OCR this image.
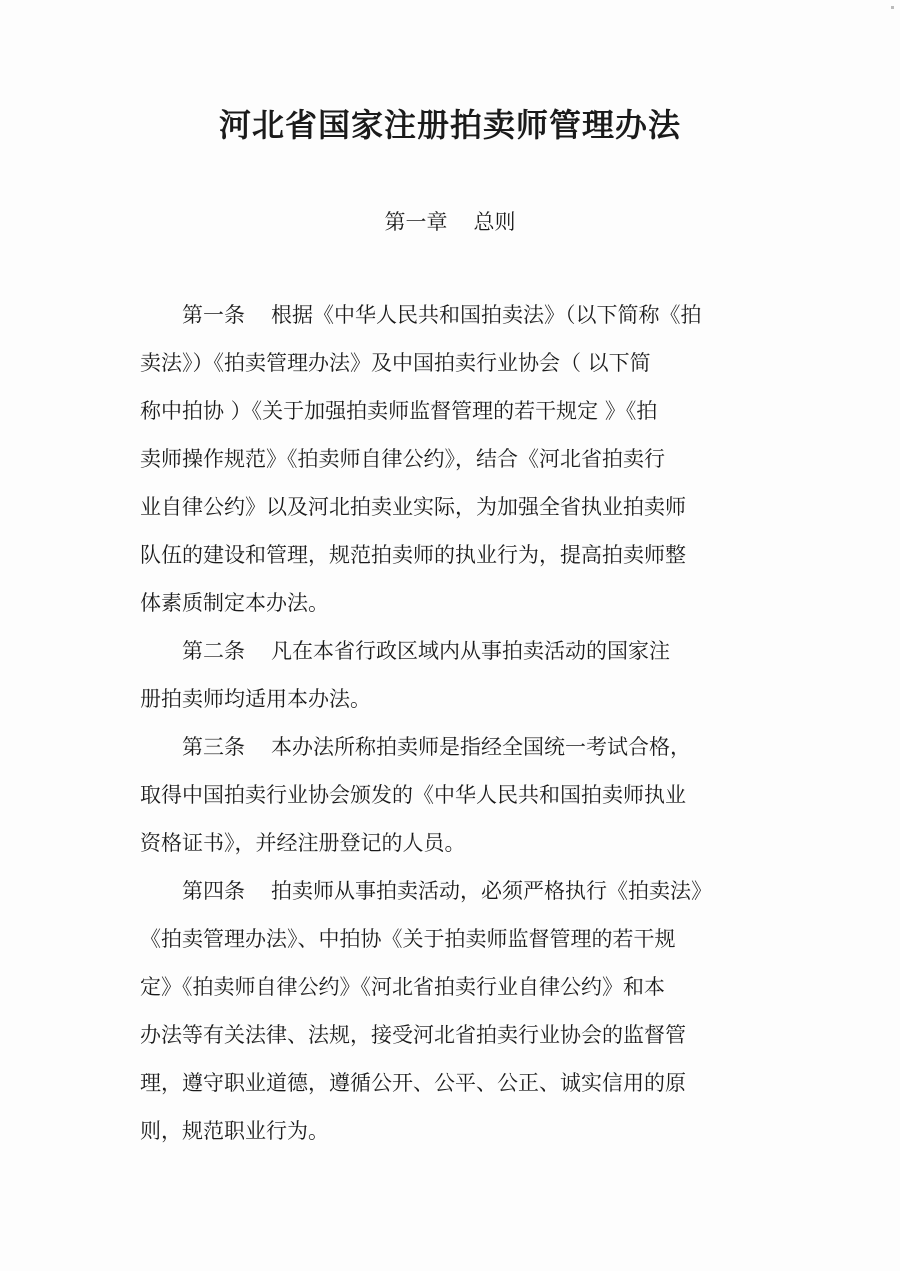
河北省国家注册拍卖师管理办法

第一章 总则

第一条 根据《中华人民共和国拍卖法》（以下简称《拍
卖法》）《拍卖管理办法》及中国拍卖行业协会（ 以下简
称中拍协 ）《关于加强拍卖师监督管理的若干规定 》《拍
卖师操作规范》《拍卖师自律公约》，结合《河北省拍卖行
业自律公约》以及河北拍卖业实际，为加强全省执业拍卖师
队伍的建设和管理，规范拍卖师的执业行为，提高拍卖师整
体素质制定本办法。
第二条 凡在本省行政区域内从事拍卖活动的国家注
册拍卖师均适用本办法。
第三条 本办法所称拍卖师是指经全国统一考试合格，
取得中国拍卖行业协会颁发的《中华人民共和国拍卖师执业
资格证书》，并经注册登记的人员。
第四条 拍卖师从事拍卖活动，必须严格执行《拍卖法》
《拍卖管理办法》、中拍协《关于拍卖师监督管理的若干规
定》《拍卖师自律公约》《河北省拍卖行业自律公约》和本
办法等有关法律、法规，接受河北省拍卖行业协会的监督管
理，遵守职业道德，遵循公开、公平、公正、诚实信用的原
则，规范职业行为。
